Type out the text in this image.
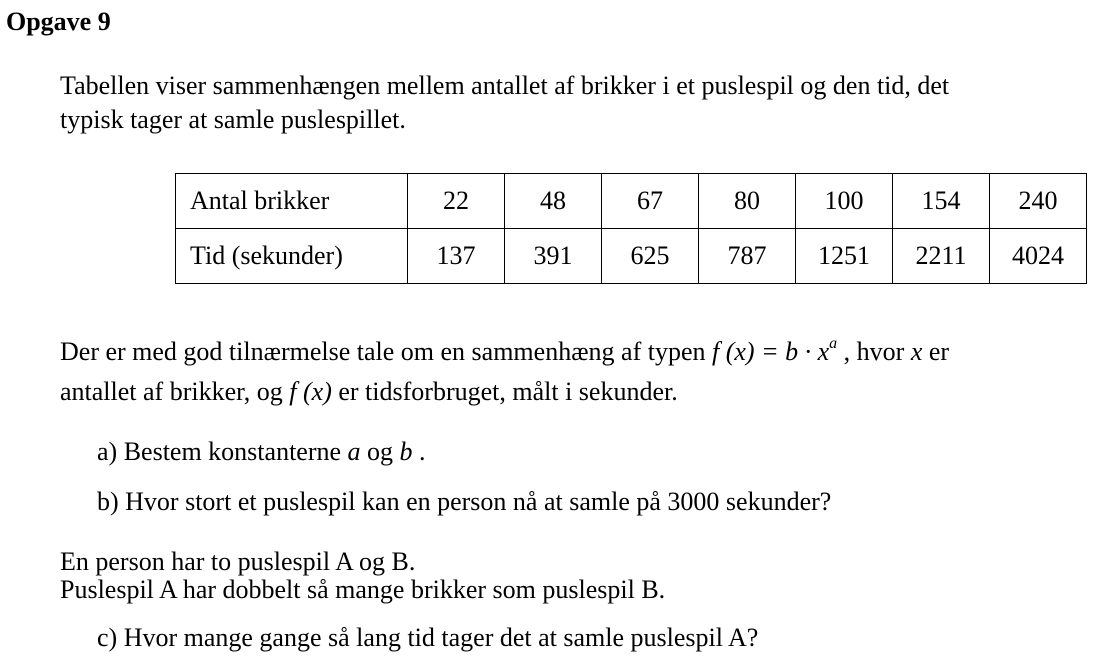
Opgave 9
Tabellen viser sammenhængen mellem antallet af brikker i et puslespil og den tid, det
typisk tager at samle puslespillet.
Antal brikker	22	48	67	80	100	154	240
Tid (sekunder)	137	391	625	787	1251	2211	4024
Der er med god tilnærmelse tale om en sammenhæng af typen f $(x) = b \cdot x^a$ , hvor x er
antallet af brikker, og f (x) er tidsforbruget, målt i sekunder.
a) Bestem konstanterne a og b .
b) Hvor stort et puslespil kan en person nå at samle på 3000 sekunder?
En person har to puslespil A og B.
Puslespil A har dobbelt så mange brikker som puslespil B.
c) Hvor mange gange så lang tid tager det at samle puslespil A?
